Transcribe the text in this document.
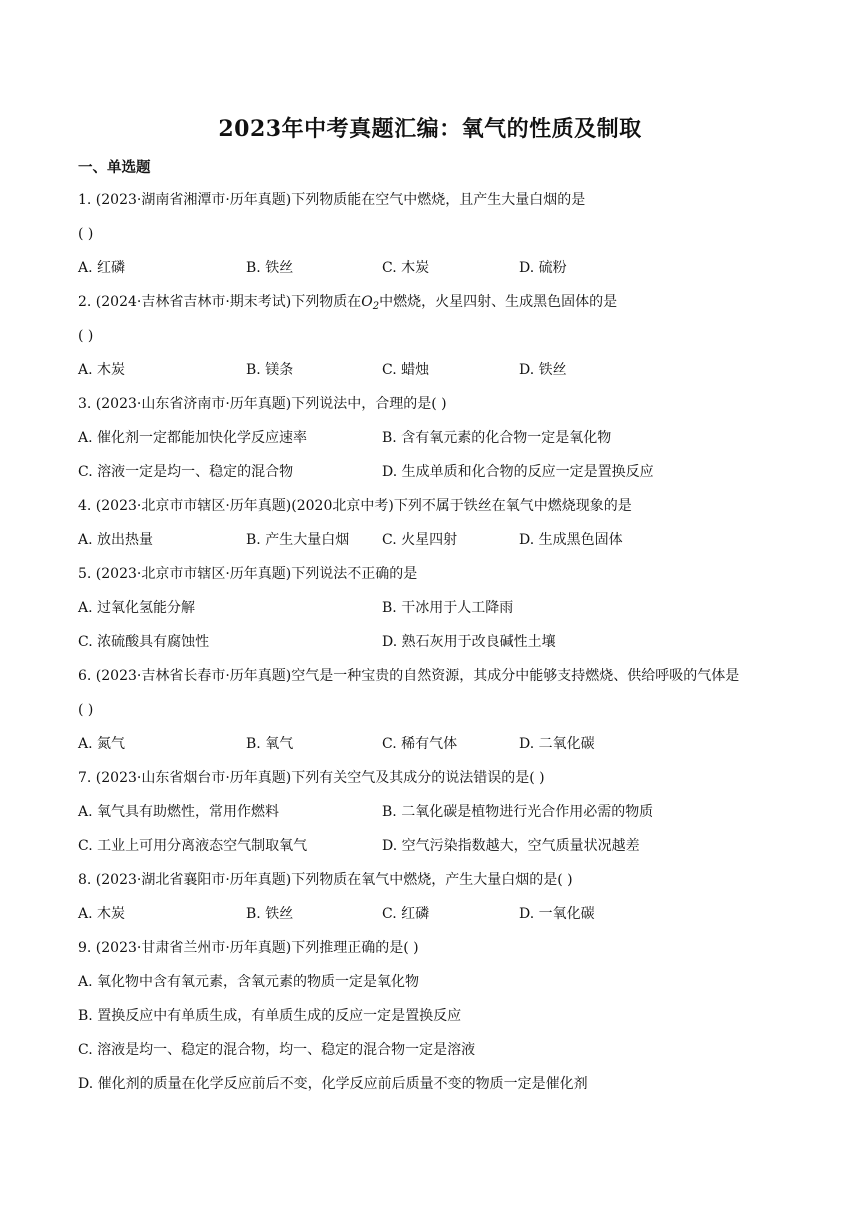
2023年中考真题汇编：氧气的性质及制取
一、单选题
1. (2023·湖南省湘潭市·历年真题)下列物质能在空气中燃烧，且产生大量白烟的是
( )
A. 红磷	B. 铁丝	C. 木炭	D. 硫粉
2. (2024·吉林省吉林市·期末考试)下列物质在$O_2$中燃烧，火星四射、生成黑色固体的是
( )
A. 木炭	B. 镁条	C. 蜡烛	D. 铁丝
3. (2023·山东省济南市·历年真题)下列说法中，合理的是( )
A. 催化剂一定都能加快化学反应速率	B. 含有氧元素的化合物一定是氧化物
C. 溶液一定是均一、稳定的混合物	D. 生成单质和化合物的反应一定是置换反应
4. (2023·北京市市辖区·历年真题)(2020北京中考)下列不属于铁丝在氧气中燃烧现象的是
A. 放出热量	B. 产生大量白烟 C. 火星四射	D. 生成黑色固体
5. (2023·北京市市辖区·历年真题)下列说法不正确的是
A. 过氧化氢能分解	B. 干冰用于人工降雨
C. 浓硫酸具有腐蚀性	D. 熟石灰用于改良碱性土壤
6. (2023·吉林省长春市·历年真题)空气是一种宝贵的自然资源，其成分中能够支持燃烧、供给呼吸的气体是
( )
A. 氮气	B. 氧气	C. 稀有气体	D. 二氧化碳
7. (2023·山东省烟台市·历年真题)下列有关空气及其成分的说法错误的是( )
A. 氧气具有助燃性，常用作燃料	B. 二氧化碳是植物进行光合作用必需的物质
C. 工业上可用分离液态空气制取氧气	D. 空气污染指数越大，空气质量状况越差
8. (2023·湖北省襄阳市·历年真题)下列物质在氧气中燃烧，产生大量白烟的是( )
A. 木炭	B. 铁丝	C. 红磷	D. 一氧化碳
9. (2023·甘肃省兰州市·历年真题)下列推理正确的是( )
A. 氧化物中含有氧元素，含氧元素的物质一定是氧化物
B. 置换反应中有单质生成，有单质生成的反应一定是置换反应
C. 溶液是均一、稳定的混合物，均一、稳定的混合物一定是溶液
D. 催化剂的质量在化学反应前后不变，化学反应前后质量不变的物质一定是催化剂
